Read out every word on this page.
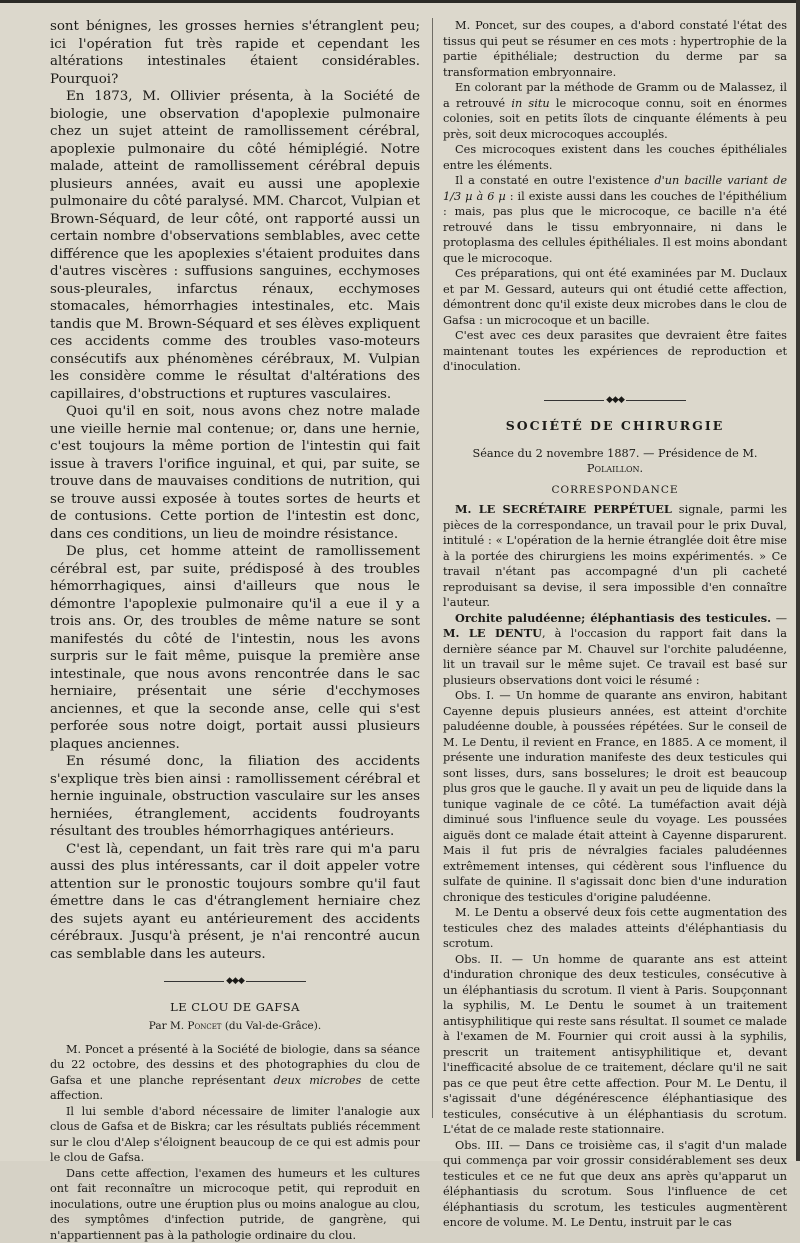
sont bénignes, les grosses hernies s'étranglent peu; ici l'opération fut très rapide et cependant les altérations intestinales étaient considérables. Pourquoi?

En 1873, M. Ollivier présenta, à la Société de biologie, une observation d'apoplexie pulmonaire chez un sujet atteint de ramollissement cérébral, apoplexie pulmonaire du côté hémiplégié. Notre malade, atteint de ramollissement cérébral depuis plusieurs années, avait eu aussi une apoplexie pulmonaire du côté paralysé. MM. Charcot, Vulpian et Brown-Séquard, de leur côté, ont rapporté aussi un certain nombre d'observations semblables, avec cette différence que les apoplexies s'étaient produites dans d'autres viscères : suffusions sanguines, ecchymoses sous-pleurales, infarctus rénaux, ecchymoses stomacales, hémorrhagies intestinales, etc. Mais tandis que M. Brown-Séquard et ses élèves expliquent ces accidents comme des troubles vaso-moteurs consécutifs aux phénomènes cérébraux, M. Vulpian les considère comme le résultat d'altérations des capillaires, d'obstructions et ruptures vasculaires.

Quoi qu'il en soit, nous avons chez notre malade une vieille hernie mal contenue; or, dans une hernie, c'est toujours la même portion de l'intestin qui fait issue à travers l'orifice inguinal, et qui, par suite, se trouve dans de mauvaises conditions de nutrition, qui se trouve aussi exposée à toutes sortes de heurts et de contusions. Cette portion de l'intestin est donc, dans ces conditions, un lieu de moindre résistance.

De plus, cet homme atteint de ramollissement cérébral est, par suite, prédisposé à des troubles hémorrhagiques, ainsi d'ailleurs que nous le démontre l'apoplexie pulmonaire qu'il a eue il y a trois ans. Or, des troubles de même nature se sont manifestés du côté de l'intestin, nous les avons surpris sur le fait même, puisque la première anse intestinale, que nous avons rencontrée dans le sac herniaire, présentait une série d'ecchymoses anciennes, et que la seconde anse, celle qui s'est perforée sous notre doigt, portait aussi plusieurs plaques anciennes.

En résumé donc, la filiation des accidents s'explique très bien ainsi : ramollissement cérébral et hernie inguinale, obstruction vasculaire sur les anses herniées, étranglement, accidents foudroyants résultant des troubles hémorrhagiques antérieurs.

C'est là, cependant, un fait très rare qui m'a paru aussi des plus intéressants, car il doit appeler votre attention sur le pronostic toujours sombre qu'il faut émettre dans le cas d'étranglement herniaire chez des sujets ayant eu antérieurement des accidents cérébraux. Jusqu'à présent, je n'ai rencontré aucun cas semblable dans les auteurs.

◆◆◆
LE CLOU DE GAFSA
Par M. Poncet (du Val-de-Grâce).

M. Poncet a présenté à la Société de biologie, dans sa séance du 22 octobre, des dessins et des photographies du clou de Gafsa et une planche représentant deux microbes de cette affection.

Il lui semble d'abord nécessaire de limiter l'analogie aux clous de Gafsa et de Biskra; car les résultats publiés récemment sur le clou d'Alep s'éloignent beaucoup de ce qui est admis pour le clou de Gafsa.

Dans cette affection, l'examen des humeurs et les cultures ont fait reconnaître un microcoque petit, qui reproduit en inoculations, outre une éruption plus ou moins analogue au clou, des symptômes d'infection putride, de gangrène, qui n'appartiennent pas à la pathologie ordinaire du clou.

M. Poncet, sur des coupes, a d'abord constaté l'état des tissus qui peut se résumer en ces mots : hypertrophie de la partie épithéliale; destruction du derme par sa transformation embryonnaire.

En colorant par la méthode de Gramm ou de Malassez, il a retrouvé in situ le microcoque connu, soit en énormes colonies, soit en petits îlots de cinquante éléments à peu près, soit deux microcoques accouplés.

Ces microcoques existent dans les couches épithéliales entre les éléments.

Il a constaté en outre l'existence d'un bacille variant de 1/3 µ à 6 µ : il existe aussi dans les couches de l'épithélium : mais, pas plus que le microcoque, ce bacille n'a été retrouvé dans le tissu embryonnaire, ni dans le protoplasma des cellules épithéliales. Il est moins abondant que le microcoque.

Ces préparations, qui ont été examinées par M. Duclaux et par M. Gessard, auteurs qui ont étudié cette affection, démontrent donc qu'il existe deux microbes dans le clou de Gafsa : un microcoque et un bacille.

C'est avec ces deux parasites que devraient être faites maintenant toutes les expériences de reproduction et d'inoculation.

◆◆◆
SOCIÉTÉ DE CHIRURGIE
Séance du 2 novembre 1887. — Présidence de M. Polaillon.
CORRESPONDANCE

M. LE SECRÉTAIRE PERPÉTUEL signale, parmi les pièces de la correspondance, un travail pour le prix Duval, intitulé : « L'opération de la hernie étranglée doit être mise à la portée des chirurgiens les moins expérimentés. » Ce travail n'étant pas accompagné d'un pli cacheté reproduisant sa devise, il sera impossible d'en connaître l'auteur.

Orchite paludéenne; éléphantiasis des testicules. — M. LE DENTU, à l'occasion du rapport fait dans la dernière séance par M. Chauvel sur l'orchite paludéenne, lit un travail sur le même sujet. Ce travail est basé sur plusieurs observations dont voici le résumé :

Obs. I. — Un homme de quarante ans environ, habitant Cayenne depuis plusieurs années, est atteint d'orchite paludéenne double, à poussées répétées. Sur le conseil de M. Le Dentu, il revient en France, en 1885. A ce moment, il présente une induration manifeste des deux testicules qui sont lisses, durs, sans bosselures; le droit est beaucoup plus gros que le gauche. Il y avait un peu de liquide dans la tunique vaginale de ce côté. La tuméfaction avait déjà diminué sous l'influence seule du voyage. Les poussées aiguës dont ce malade était atteint à Cayenne disparurent. Mais il fut pris de névralgies faciales paludéennes extrêmement intenses, qui cédèrent sous l'influence du sulfate de quinine. Il s'agissait donc bien d'une induration chronique des testicules d'origine paludéenne.

M. Le Dentu a observé deux fois cette augmentation des testicules chez des malades atteints d'éléphantiasis du scrotum.

Obs. II. — Un homme de quarante ans est atteint d'induration chronique des deux testicules, consécutive à un éléphantiasis du scrotum. Il vient à Paris. Soupçonnant la syphilis, M. Le Dentu le soumet à un traitement antisyphilitique qui reste sans résultat. Il soumet ce malade à l'examen de M. Fournier qui croit aussi à la syphilis, prescrit un traitement antisyphilitique et, devant l'inefficacité absolue de ce traitement, déclare qu'il ne sait pas ce que peut être cette affection. Pour M. Le Dentu, il s'agissait d'une dégénérescence éléphantiasique des testicules, consécutive à un éléphantiasis du scrotum. L'état de ce malade reste stationnaire.

Obs. III. — Dans ce troisième cas, il s'agit d'un malade qui commença par voir grossir considérablement ses deux testicules et ce ne fut que deux ans après qu'apparut un éléphantiasis du scrotum. Sous l'influence de cet éléphantiasis du scrotum, les testicules augmentèrent encore de volume. M. Le Dentu, instruit par le cas
